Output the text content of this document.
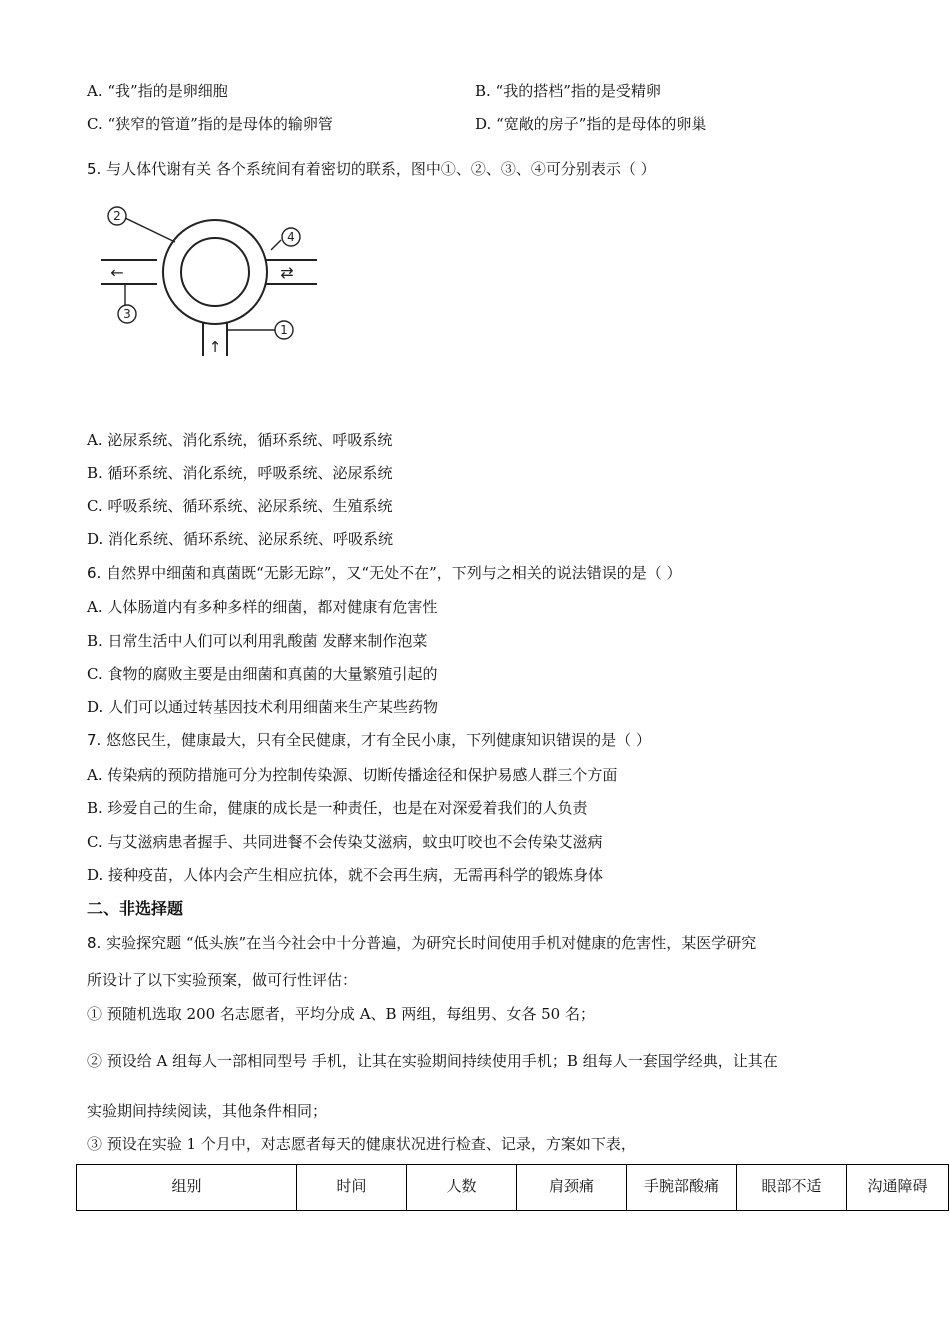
A. “我”指的是卵细胞	B. “我的搭档”指的是受精卵
C. “狭窄的管道”指的是母体的输卵管	D. “宽敞的房子”指的是母体的卵巢
5. 与人体代谢有关 各个系统间有着密切的联系，图中①、②、③、④可分别表示（ ）
2
4
3
1
←	⇄
↑
A. 泌尿系统、消化系统，循环系统、呼吸系统
B. 循环系统、消化系统，呼吸系统、泌尿系统
C. 呼吸系统、循环系统、泌尿系统、生殖系统
D. 消化系统、循环系统、泌尿系统、呼吸系统
6. 自然界中细菌和真菌既“无影无踪”，又“无处不在”，下列与之相关的说法错误的是（ ）
A. 人体肠道内有多种多样的细菌，都对健康有危害性
B. 日常生活中人们可以利用乳酸菌 发酵来制作泡菜
C. 食物的腐败主要是由细菌和真菌的大量繁殖引起的
D. 人们可以通过转基因技术利用细菌来生产某些药物
7. 悠悠民生，健康最大，只有全民健康，才有全民小康，下列健康知识错误的是（ ）
A. 传染病的预防措施可分为控制传染源、切断传播途径和保护易感人群三个方面
B. 珍爱自己的生命，健康的成长是一种责任，也是在对深爱着我们的人负责
C. 与艾滋病患者握手、共同进餐不会传染艾滋病，蚊虫叮咬也不会传染艾滋病
D. 接种疫苗，人体内会产生相应抗体，就不会再生病，无需再科学的锻炼身体
二、非选择题
8. 实验探究题 “低头族”在当今社会中十分普遍，为研究长时间使用手机对健康的危害性，某医学研究
所设计了以下实验预案，做可行性评估：
① 预随机选取 200 名志愿者，平均分成 A、B 两组，每组男、女各 50 名；
② 预设给 A 组每人一部相同型号 手机，让其在实验期间持续使用手机；B 组每人一套国学经典，让其在
实验期间持续阅读，其他条件相同；
③ 预设在实验 1 个月中，对志愿者每天的健康状况进行检查、记录，方案如下表，
组别	时间	人数	肩颈痛	手腕部酸痛	眼部不适	沟通障碍
